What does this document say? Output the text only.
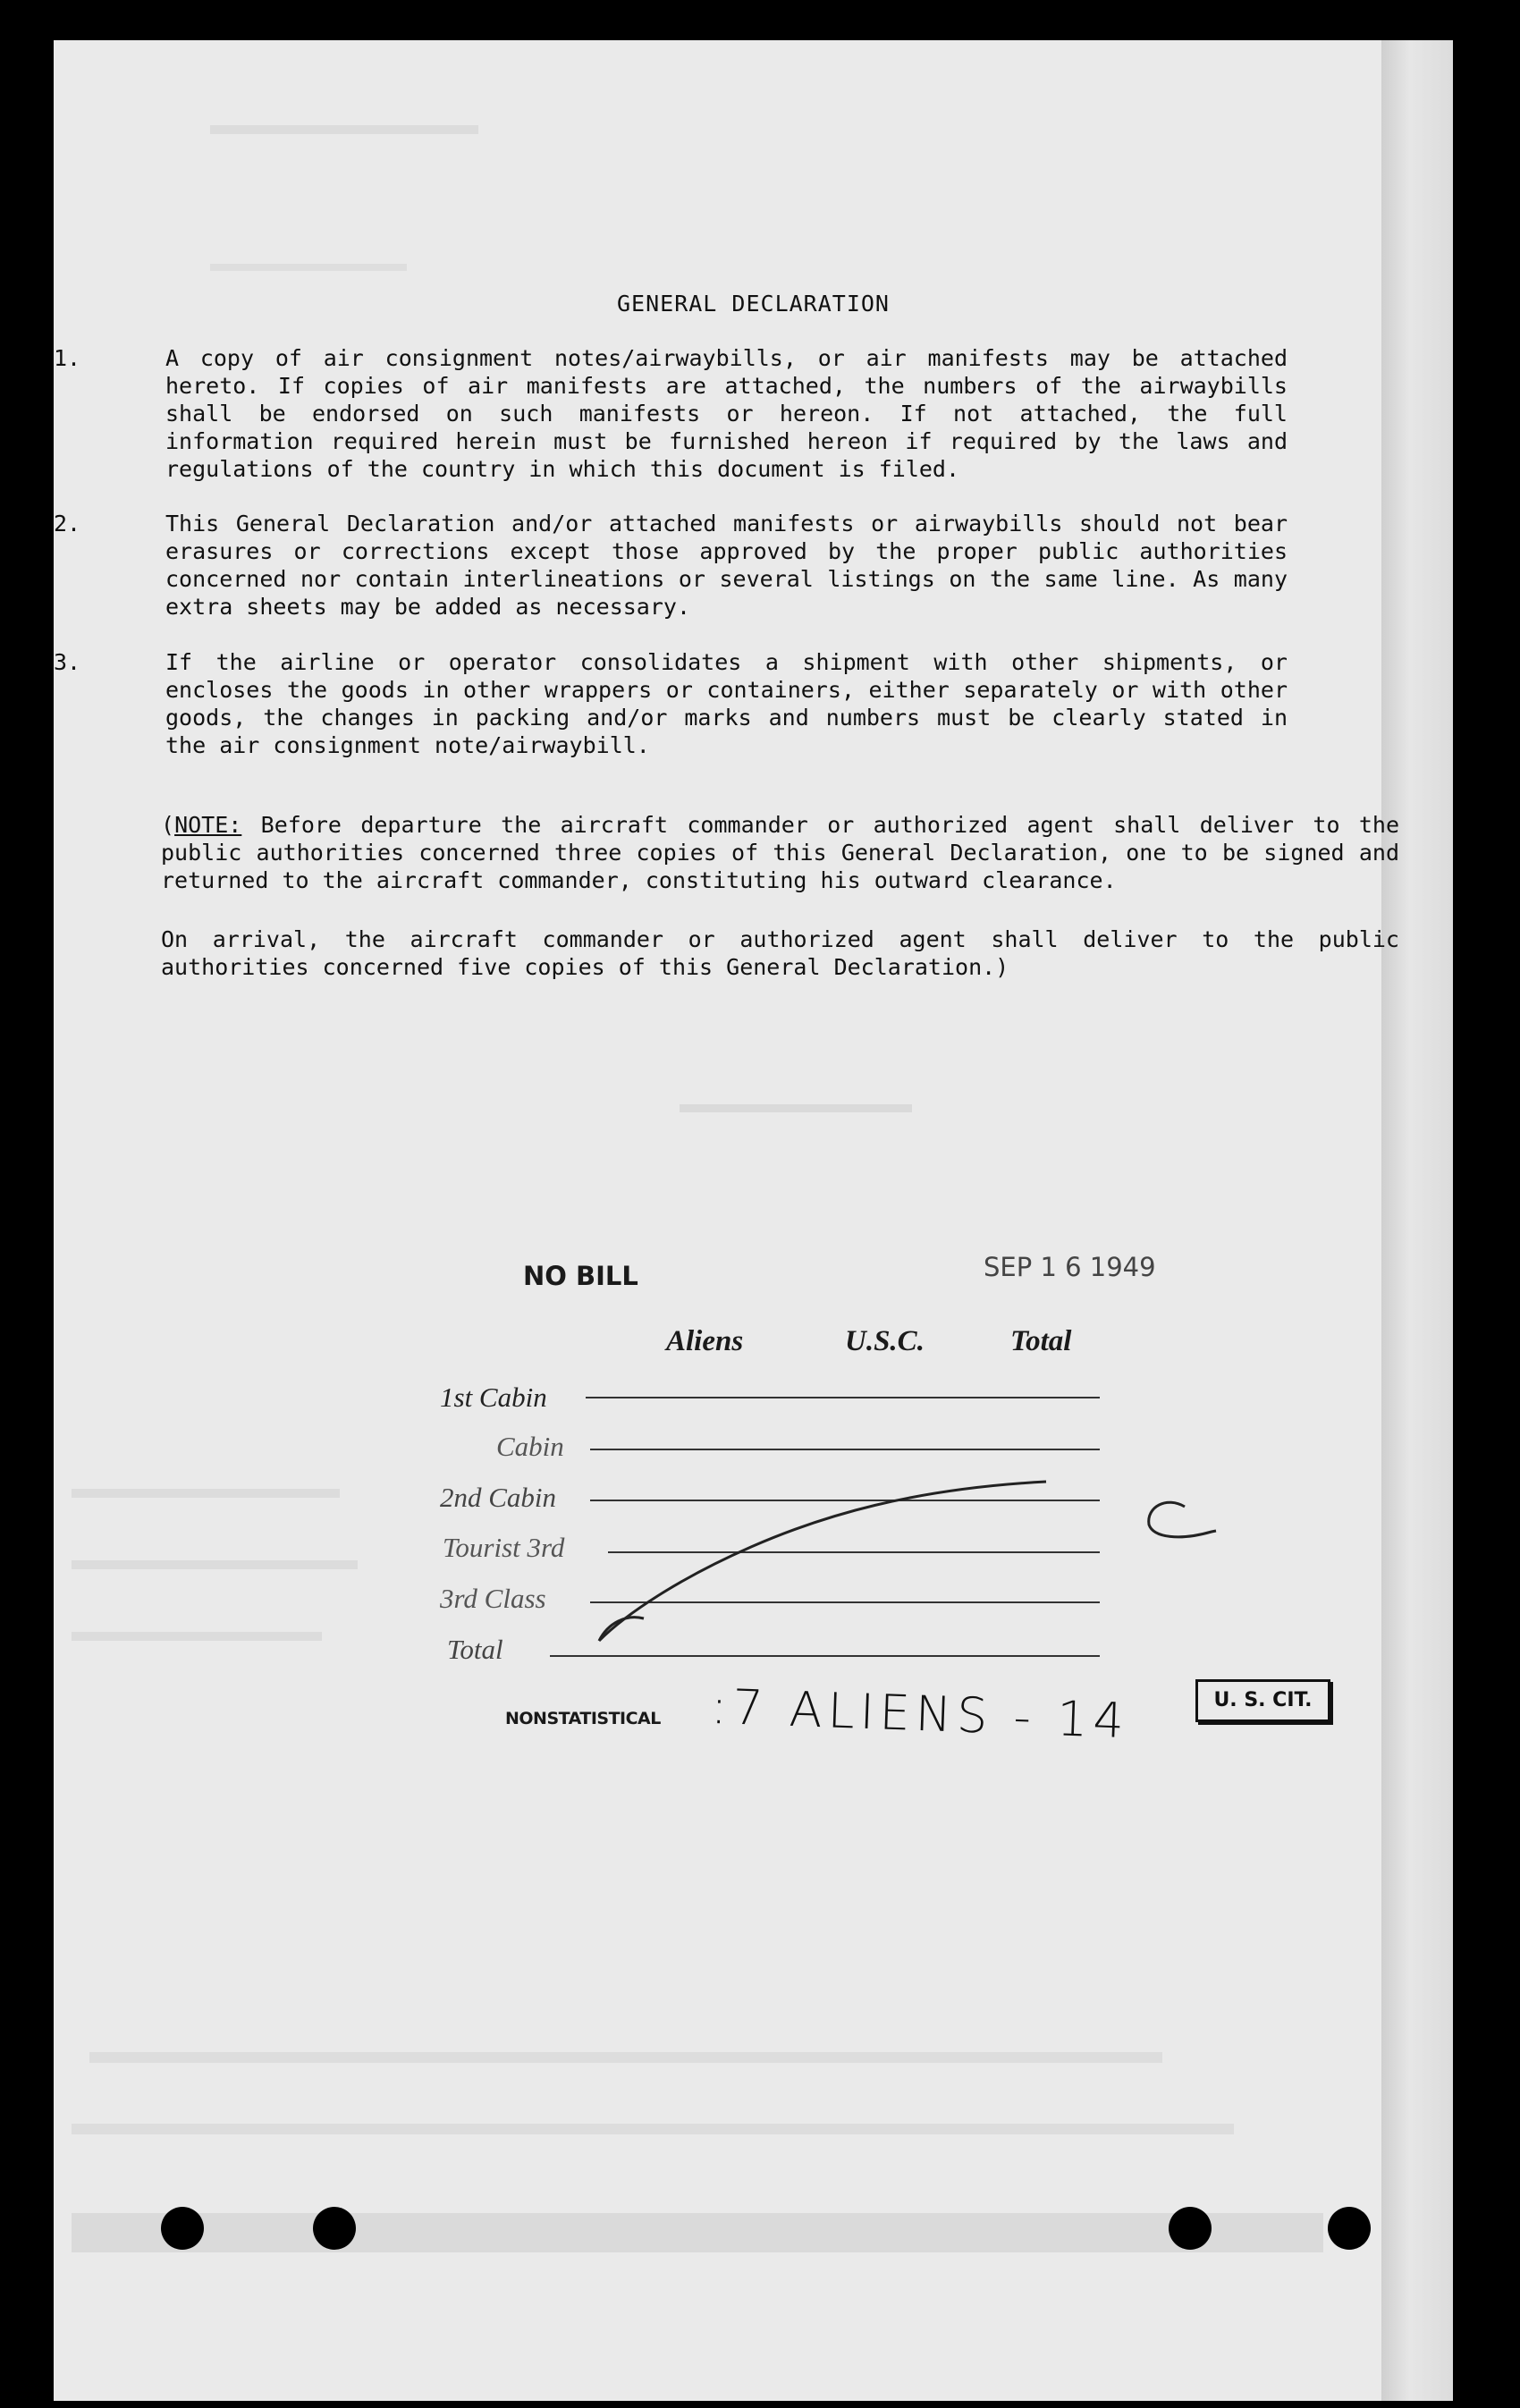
GENERAL DECLARATION
1.	A copy of air consignment notes/airwaybills, or air manifests may be attached hereto. If copies of air manifests are attached, the numbers of the airwaybills shall be endorsed on such manifests or hereon. If not attached, the full information required herein must be furnished hereon if required by the laws and regulations of the country in which this document is filed.
2.	This General Declaration and/or attached manifests or airwaybills should not bear erasures or corrections except those approved by the proper public authorities concerned nor contain interlineations or several listings on the same line. As many extra sheets may be added as necessary.
3.	If the airline or operator consolidates a shipment with other shipments, or encloses the goods in other wrappers or containers, either separately or with other goods, the changes in packing and/or marks and numbers must be clearly stated in the air consignment note/airwaybill.
(NOTE: Before departure the aircraft commander or authorized agent shall deliver to the public authorities concerned three copies of this General Declaration, one to be signed and returned to the aircraft commander, constituting his outward clearance.
On arrival, the aircraft commander or authorized agent shall deliver to the public authorities concerned five copies of this General Declaration.)
NO BILL	SEP 1 6 1949
Aliens	U.S.C.	Total
1st Cabin
Cabin
2nd Cabin
Tourist 3rd
3rd Class
Total
NONSTATISTICAL :7 ALIENS - 14	U. S. CIT.
